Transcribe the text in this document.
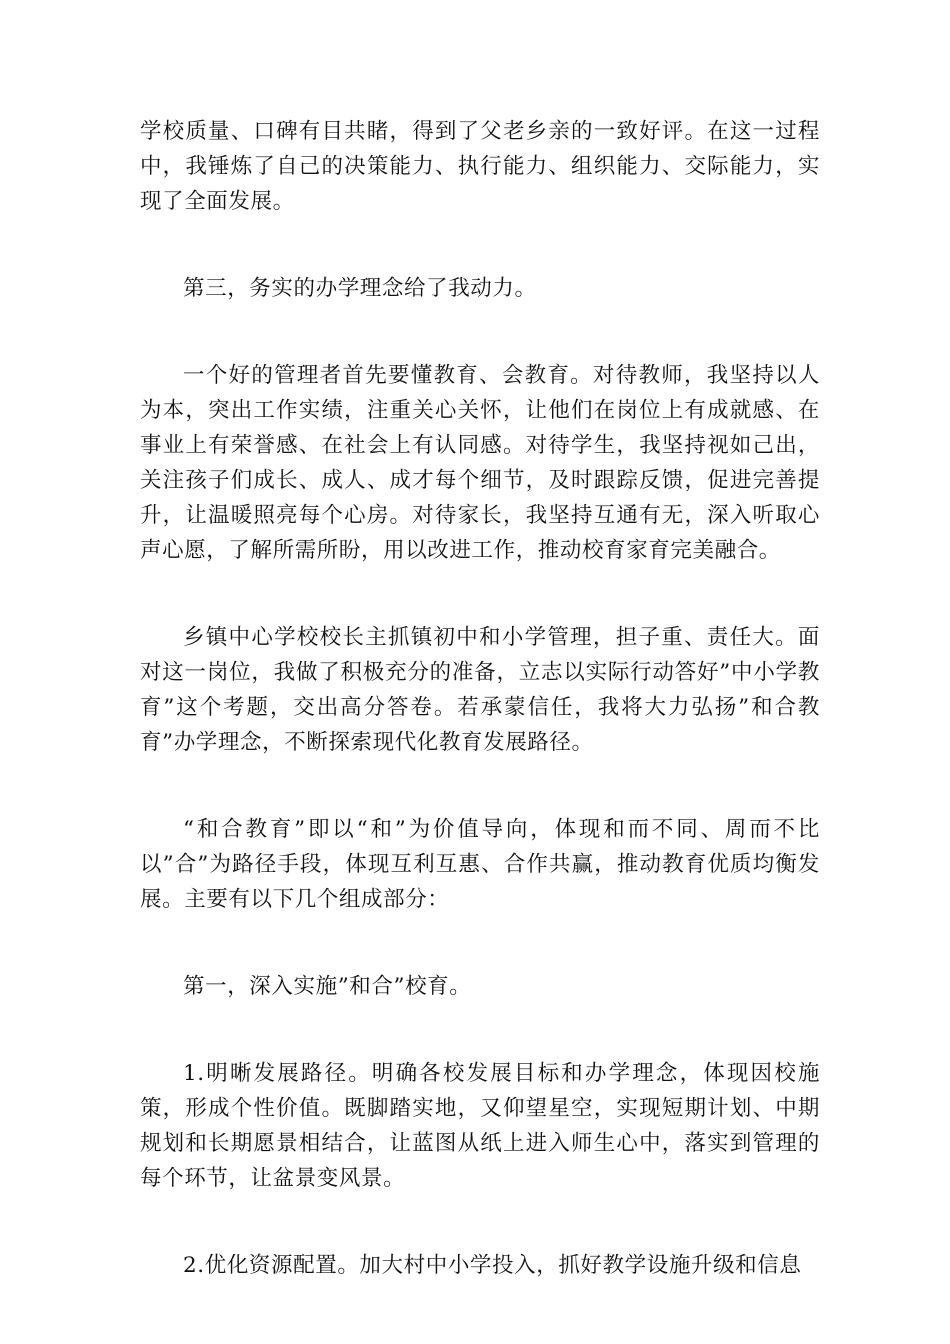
学校质量、口碑有目共睹，得到了父老乡亲的一致好评。在这一过程中，我锤炼了自己的决策能力、执行能力、组织能力、交际能力，实现了全面发展。

第三，务实的办学理念给了我动力。

一个好的管理者首先要懂教育、会教育。对待教师，我坚持以人为本，突出工作实绩，注重关心关怀，让他们在岗位上有成就感、在事业上有荣誉感、在社会上有认同感。对待学生，我坚持视如己出，关注孩子们成长、成人、成才每个细节，及时跟踪反馈，促进完善提升，让温暖照亮每个心房。对待家长，我坚持互通有无，深入听取心声心愿，了解所需所盼，用以改进工作，推动校育家育完美融合。

乡镇中心学校校长主抓镇初中和小学管理，担子重、责任大。面对这一岗位，我做了积极充分的准备，立志以实际行动答好”中小学教育”这个考题，交出高分答卷。若承蒙信任，我将大力弘扬”和合教育”办学理念，不断探索现代化教育发展路径。

“和合教育”即以“和”为价值导向，体现和而不同、周而不比以”合”为路径手段，体现互利互惠、合作共赢，推动教育优质均衡发展。主要有以下几个组成部分：

第一，深入实施”和合”校育。

1.明晰发展路径。明确各校发展目标和办学理念，体现因校施策，形成个性价值。既脚踏实地，又仰望星空，实现短期计划、中期规划和长期愿景相结合，让蓝图从纸上进入师生心中，落实到管理的每个环节，让盆景变风景。

2.优化资源配置。加大村中小学投入，抓好教学设施升级和信息
